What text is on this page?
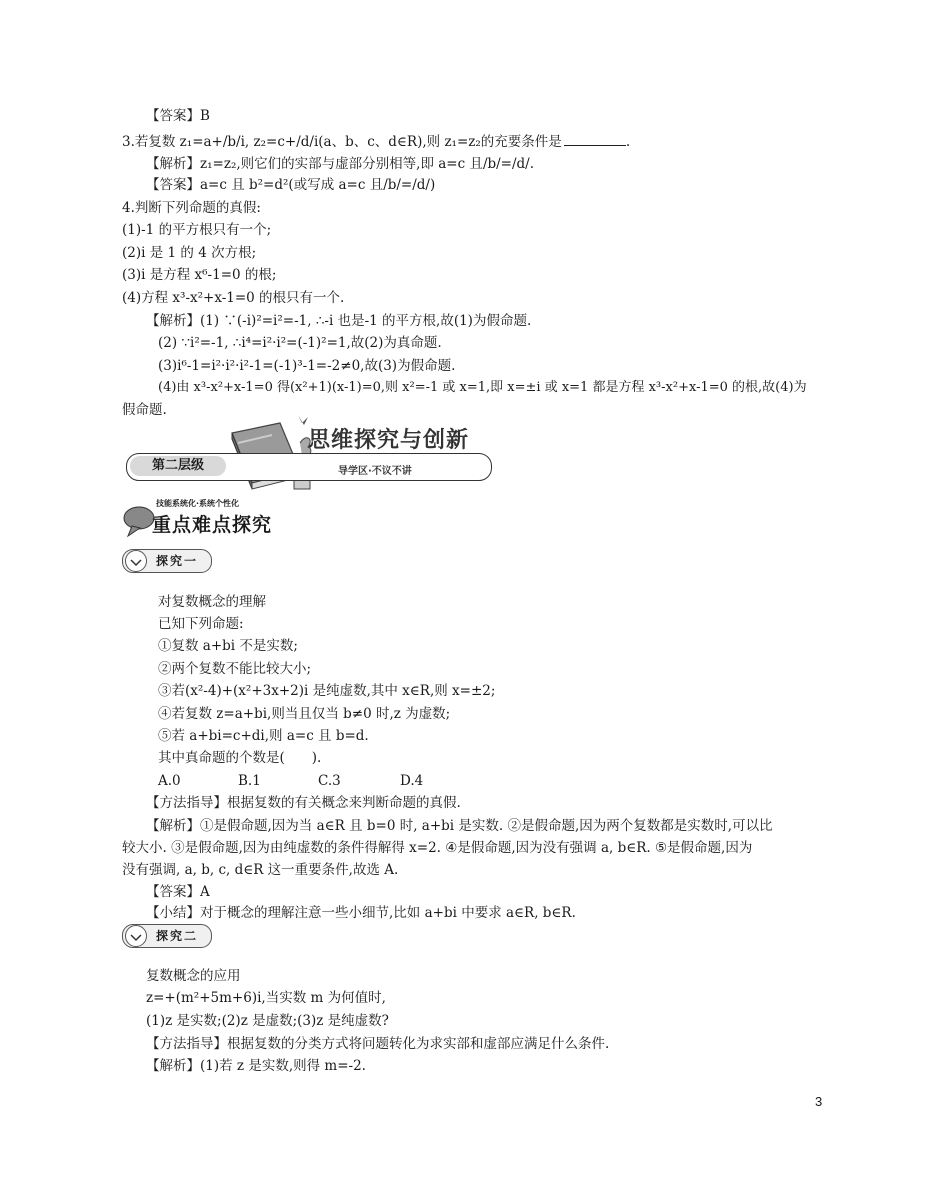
【答案】B
3.若复数 z₁=a+/b/i, z₂=c+/d/i(a、b、c、d∈R),则 z₁=z₂的充要条件是	.
【解析】z₁=z₂,则它们的实部与虚部分别相等,即 a=c 且/b/=/d/.
【答案】a=c 且 b²=d²(或写成 a=c 且/b/=/d/)
4.判断下列命题的真假:
(1)-1 的平方根只有一个;
(2)i 是 1 的 4 次方根;
(3)i 是方程 x⁶-1=0 的根;
(4)方程 x³-x²+x-1=0 的根只有一个.
【解析】(1) ∵(-i)²=i²=-1, ∴-i 也是-1 的平方根,故(1)为假命题.
(2) ∵i²=-1, ∴i⁴=i²·i²=(-1)²=1,故(2)为真命题.
(3)i⁶-1=i²·i²·i²-1=(-1)³-1=-2≠0,故(3)为假命题.
(4)由 x³-x²+x-1=0 得(x²+1)(x-1)=0,则 x²=-1 或 x=1,即 x=±i 或 x=1 都是方程 x³-x²+x-1=0 的根,故(4)为
假命题.
第二层级
思维探究与创新
导学区·不议不讲
技能系统化·系统个性化
重点难点探究
探究一
对复数概念的理解
已知下列命题:
①复数 a+bi 不是实数;
②两个复数不能比较大小;
③若(x²-4)+(x²+3x+2)i 是纯虚数,其中 x∈R,则 x=±2;
④若复数 z=a+bi,则当且仅当 b≠0 时,z 为虚数;
⑤若 a+bi=c+di,则 a=c 且 b=d.
其中真命题的个数是(　　).
A.0	B.1	C.3	D.4
【方法指导】根据复数的有关概念来判断命题的真假.
【解析】①是假命题,因为当 a∈R 且 b=0 时, a+bi 是实数. ②是假命题,因为两个复数都是实数时,可以比
较大小. ③是假命题,因为由纯虚数的条件得解得 x=2. ④是假命题,因为没有强调 a, b∈R. ⑤是假命题,因为
没有强调, a, b, c, d∈R 这一重要条件,故选 A.
【答案】A
【小结】对于概念的理解注意一些小细节,比如 a+bi 中要求 a∈R, b∈R.
探究二
复数概念的应用
z=+(m²+5m+6)i,当实数 m 为何值时,
(1)z 是实数;(2)z 是虚数;(3)z 是纯虚数?
【方法指导】根据复数的分类方式将问题转化为求实部和虚部应满足什么条件.
【解析】(1)若 z 是实数,则得 m=-2.
3
